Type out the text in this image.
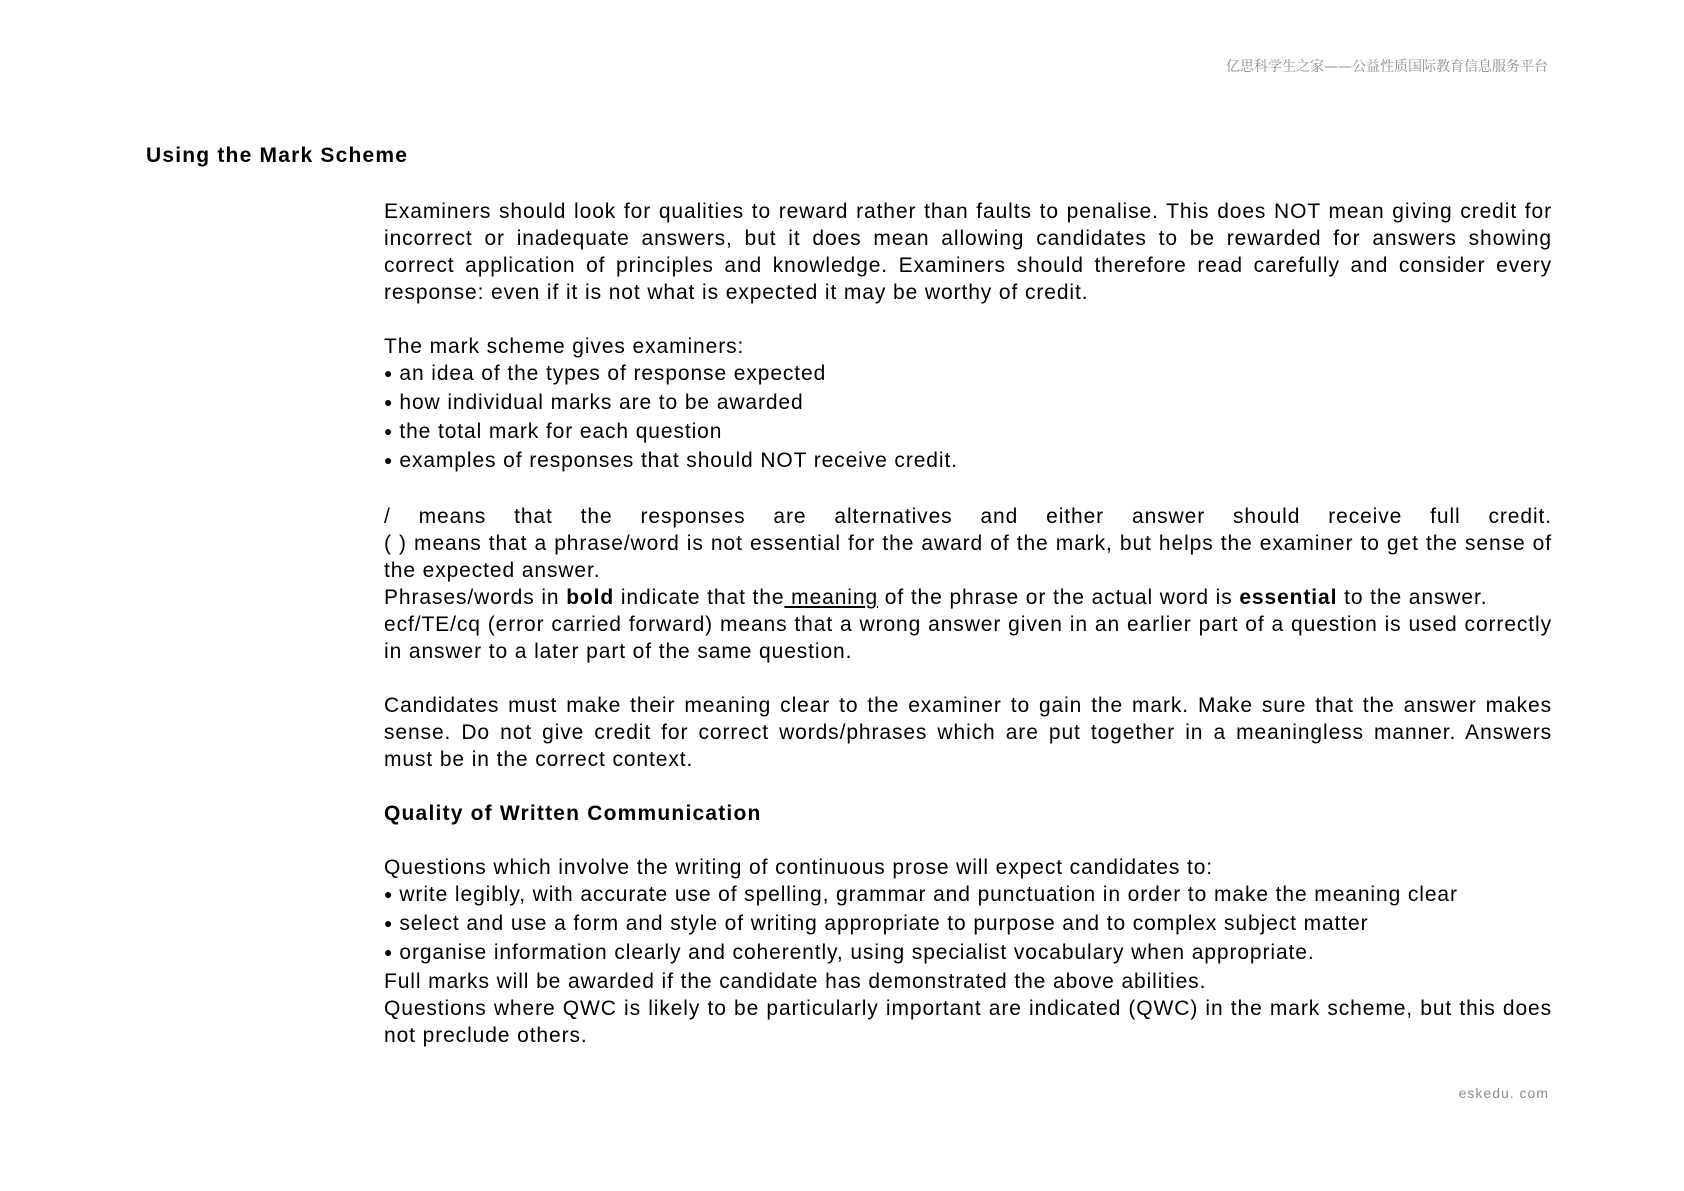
亿思科学生之家——公益性质国际教育信息服务平台
Using the Mark Scheme

Examiners should look for qualities to reward rather than faults to penalise. This does NOT mean giving credit for incorrect or inadequate answers, but it does mean allowing candidates to be rewarded for answers showing correct application of principles and knowledge. Examiners should therefore read carefully and consider every response: even if it is not what is expected it may be worthy of credit.

The mark scheme gives examiners:

● an idea of the types of response expected

● how individual marks are to be awarded

● the total mark for each question

● examples of responses that should NOT receive credit.

/ means that the responses are alternatives and either answer should receive full credit.

( ) means that a phrase/word is not essential for the award of the mark, but helps the examiner to get the sense of the expected answer.

Phrases/words in bold indicate that the meaning of the phrase or the actual word is essential to the answer.

ecf/TE/cq (error carried forward) means that a wrong answer given in an earlier part of a question is used correctly in answer to a later part of the same question.

Candidates must make their meaning clear to the examiner to gain the mark. Make sure that the answer makes sense. Do not give credit for correct words/phrases which are put together in a meaningless manner. Answers must be in the correct context.

Quality of Written Communication

Questions which involve the writing of continuous prose will expect candidates to:

● write legibly, with accurate use of spelling, grammar and punctuation in order to make the meaning clear

● select and use a form and style of writing appropriate to purpose and to complex subject matter

● organise information clearly and coherently, using specialist vocabulary when appropriate.

Full marks will be awarded if the candidate has demonstrated the above abilities.

Questions where QWC is likely to be particularly important are indicated (QWC) in the mark scheme, but this does not preclude others.

eskedu. com
